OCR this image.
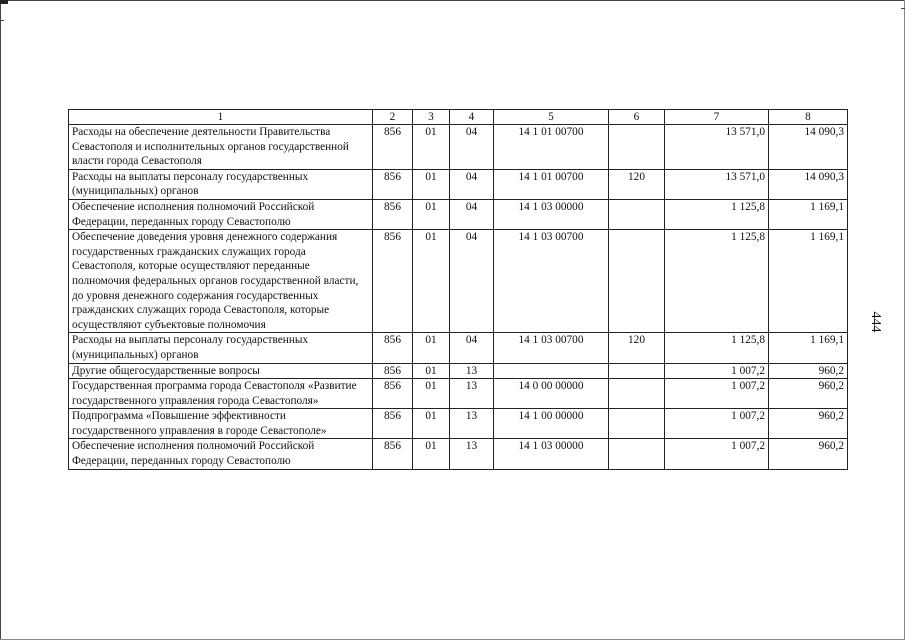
1	2	3	4	5	6	7	8
Расходы на обеспечение деятельности Правительства Севастополя и исполнительных органов государственной власти города Севастополя	856	01	04	14 1 01 00700		13 571,0	14 090,3
Расходы на выплаты персоналу государственных (муниципальных) органов	856	01	04	14 1 01 00700	120	13 571,0	14 090,3
Обеспечение исполнения полномочий Российской Федерации, переданных городу Севастополю	856	01	04	14 1 03 00000		1 125,8	1 169,1
Обеспечение доведения уровня денежного содержания государственных гражданских служащих города Севастополя, которые осуществляют переданные полномочия федеральных органов государственной власти, до уровня денежного содержания государственных гражданских служащих города Севастополя, которые осуществляют субъектовые полномочия	856	01	04	14 1 03 00700		1 125,8	1 169,1
Расходы на выплаты персоналу государственных (муниципальных) органов	856	01	04	14 1 03 00700	120	1 125,8	1 169,1
Другие общегосударственные вопросы	856	01	13			1 007,2	960,2
Государственная программа города Севастополя «Развитие государственного управления города Севастополя»	856	01	13	14 0 00 00000		1 007,2	960,2
Подпрограмма «Повышение эффективности государственного управления в городе Севастополе»	856	01	13	14 1 00 00000		1 007,2	960,2
Обеспечение исполнения полномочий Российской Федерации, переданных городу Севастополю	856	01	13	14 1 03 00000		1 007,2	960,2
444
